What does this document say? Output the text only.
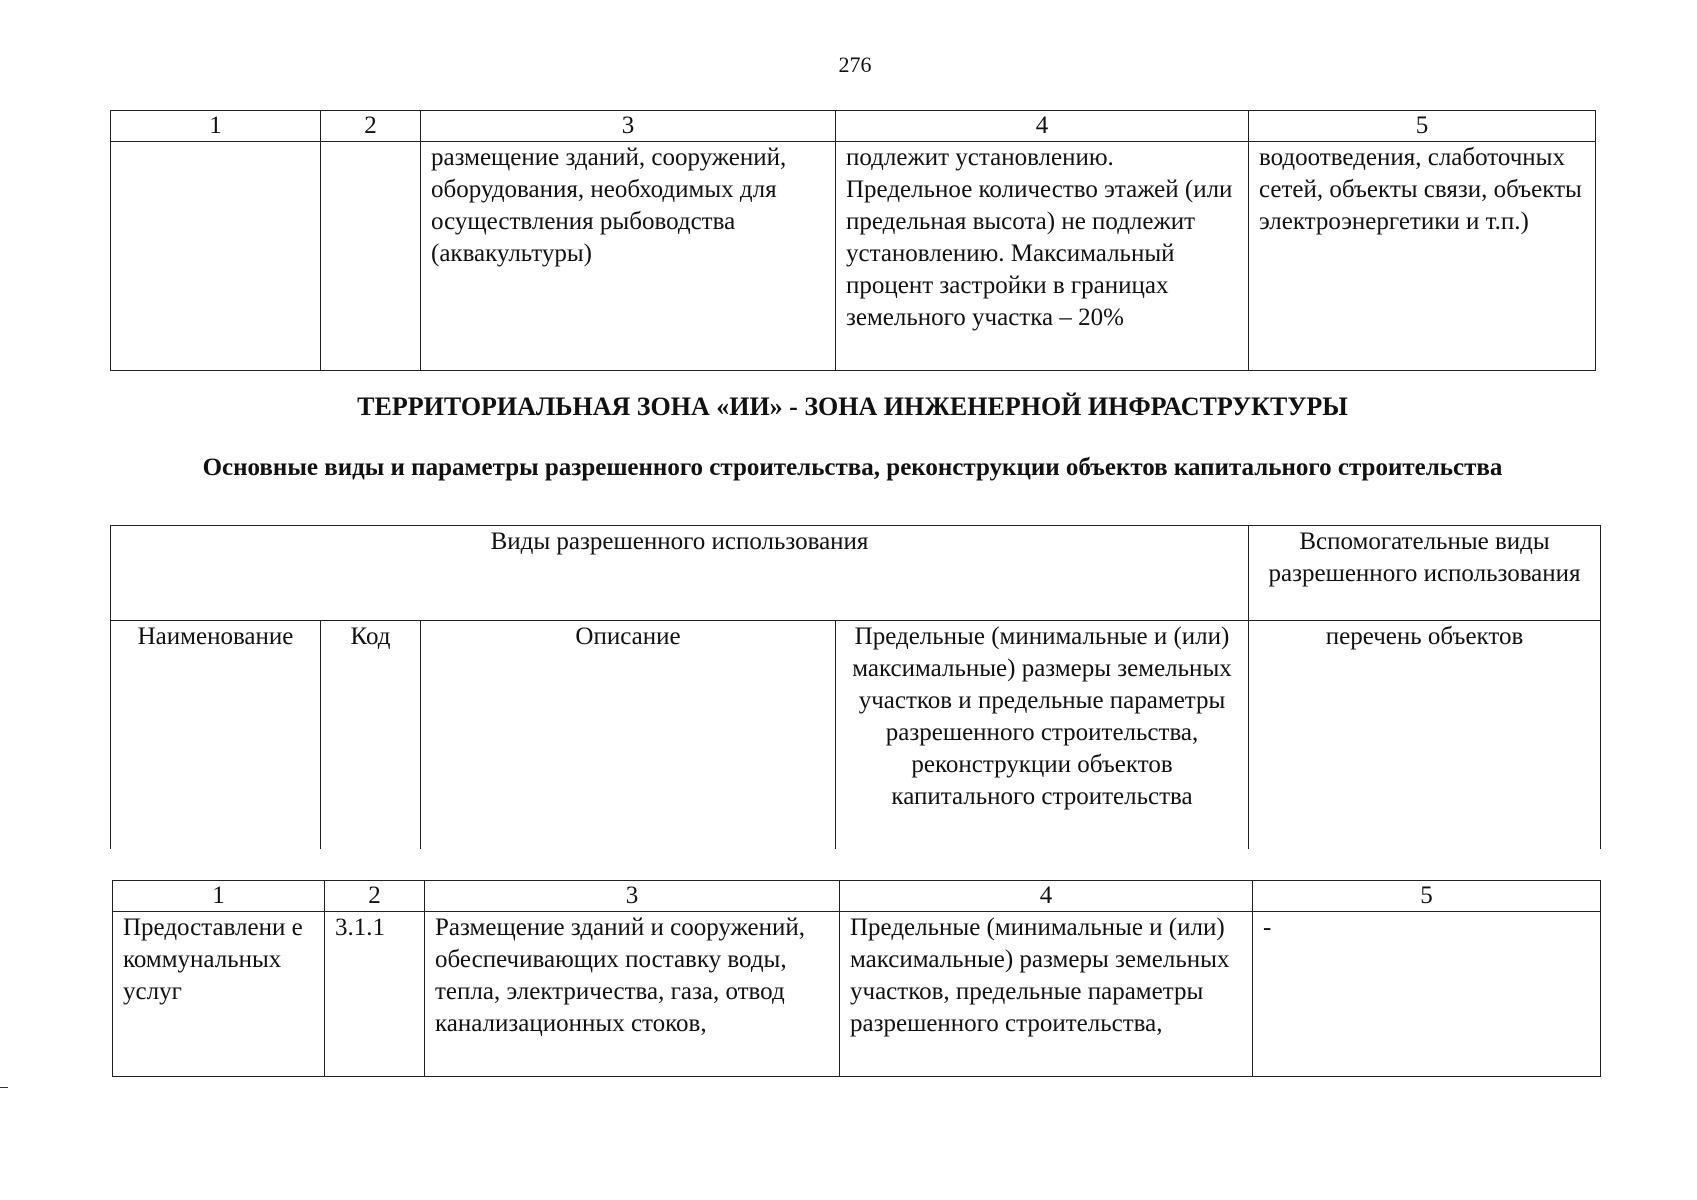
276
1	2	3	4	5
		размещение зданий, сооружений, оборудования, необходимых для осуществления рыбоводства (аквакультуры)	подлежит установлению. Предельное количество этажей (или предельная высота) не подлежит установлению. Максимальный процент застройки в границах земельного участка – 20%	водоотведения, слаботочных сетей, объекты связи, объекты электроэнергетики и т.п.)
ТЕРРИТОРИАЛЬНАЯ ЗОНА «ИИ» - ЗОНА ИНЖЕНЕРНОЙ ИНФРАСТРУКТУРЫ
Основные виды и параметры разрешенного строительства, реконструкции объектов капитального строительства
Виды разрешенного использования				Вспомогательные виды разрешенного использования
Наименование	Код	Описание	Предельные (минимальные и (или) максимальные) размеры земельных участков и предельные параметры разрешенного строительства, реконструкции объектов капитального строительства	перечень объектов
1	2	3	4	5
Предоставлени е коммунальных услуг	3.1.1	Размещение зданий и сооружений, обеспечивающих поставку воды, тепла, электричества, газа, отвод канализационных стоков,	Предельные (минимальные и (или) максимальные) размеры земельных участков, предельные параметры разрешенного строительства,	-
